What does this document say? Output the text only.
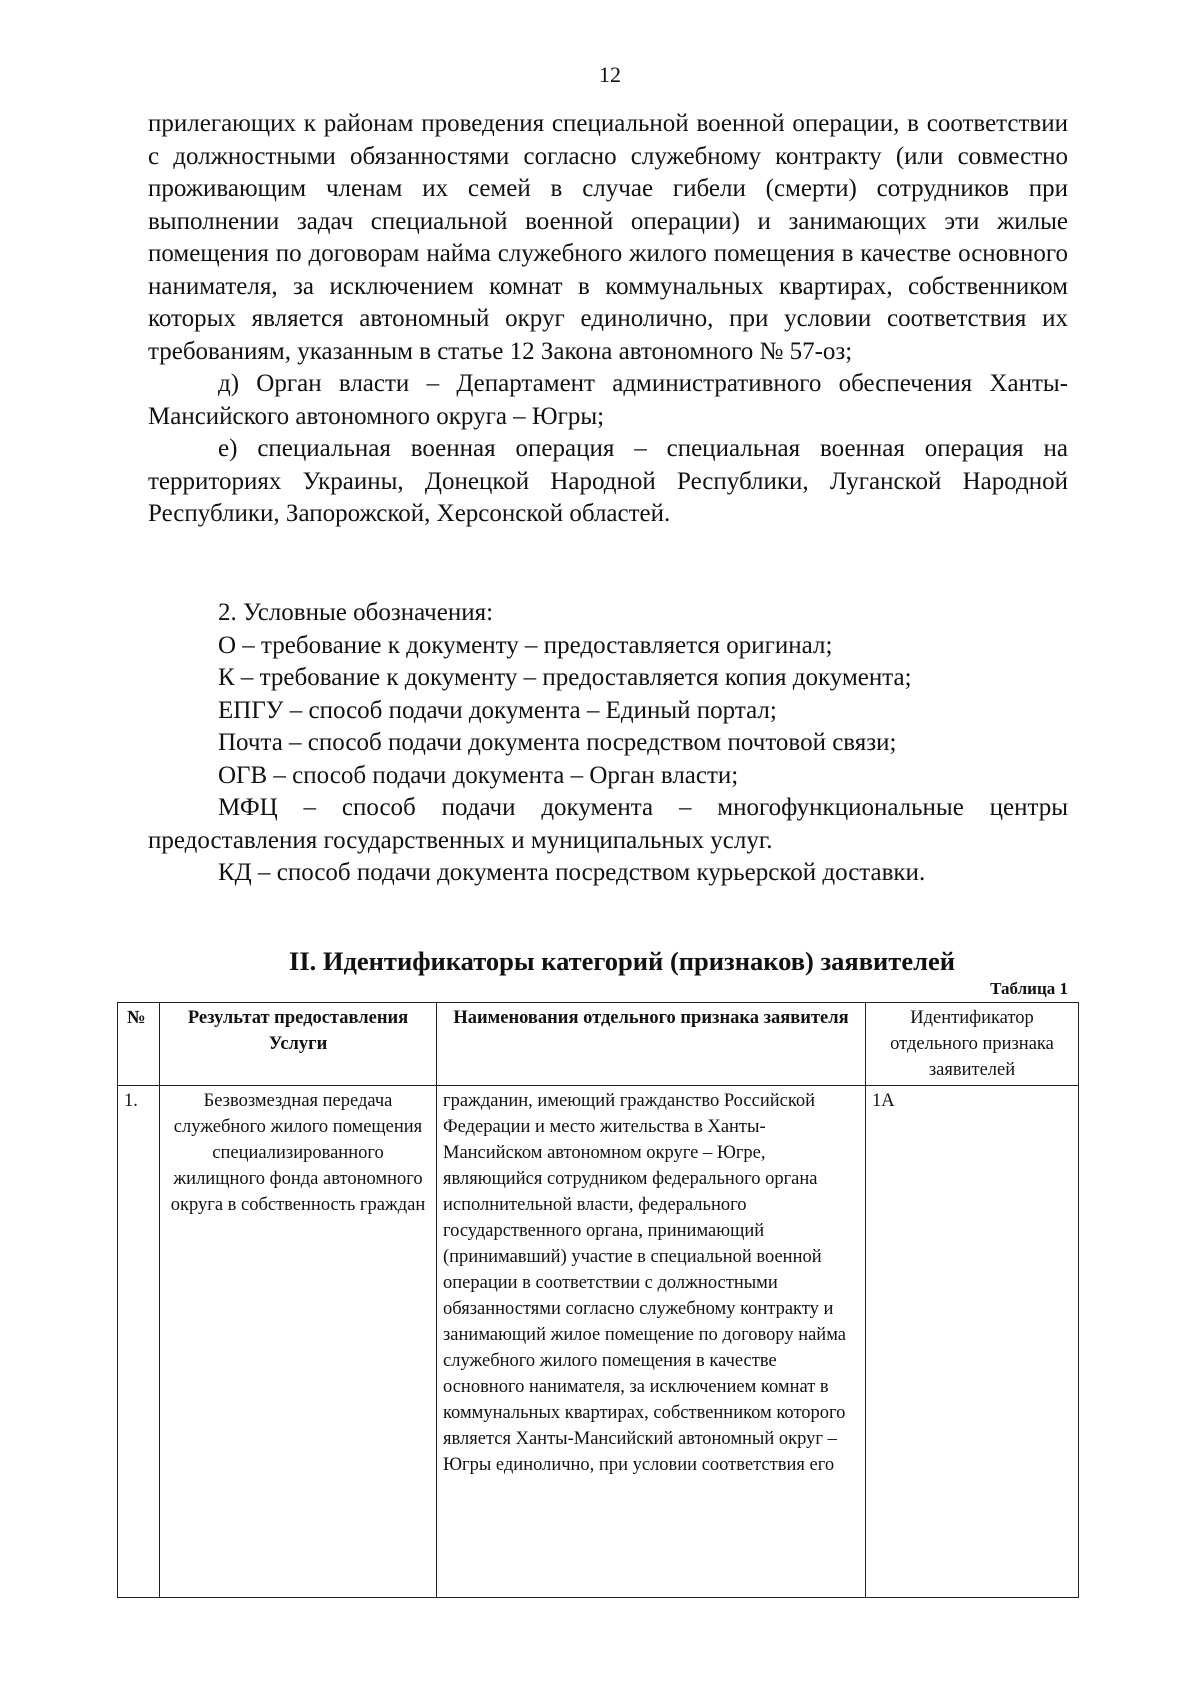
12

прилегающих к районам проведения специальной военной операции, в соответствии с должностными обязанностями согласно служебному контракту (или совместно проживающим членам их семей в случае гибели (смерти) сотрудников при выполнении задач специальной военной операции) и занимающих эти жилые помещения по договорам найма служебного жилого помещения в качестве основного нанимателя, за исключением комнат в коммунальных квартирах, собственником которых является автономный округ единолично, при условии соответствия их требованиям, указанным в статье 12 Закона автономного № 57-оз;

д) Орган власти – Департамент административного обеспечения Ханты-Мансийского автономного округа – Югры;

е) специальная военная операция – специальная военная операция на территориях Украины, Донецкой Народной Республики, Луганской Народной Республики, Запорожской, Херсонской областей.

2. Условные обозначения:

О – требование к документу – предоставляется оригинал;

К – требование к документу – предоставляется копия документа;

ЕПГУ – способ подачи документа – Единый портал;

Почта – способ подачи документа посредством почтовой связи;

ОГВ – способ подачи документа – Орган власти;

МФЦ – способ подачи документа – многофункциональные центры предоставления государственных и муниципальных услуг.

КД – способ подачи документа посредством курьерской доставки.

II. Идентификаторы категорий (признаков) заявителей
Таблица 1
№	Результат предоставления Услуги	Наименования отдельного признака заявителя	Идентификатор отдельного признака заявителей
1.	Безвозмездная передача служебного жилого помещения специализированного жилищного фонда автономного округа в собственность граждан	гражданин, имеющий гражданство Российской Федерации и место жительства в Ханты-Мансийском автономном округе – Югре, являющийся сотрудником федерального органа исполнительной власти, федерального государственного органа, принимающий (принимавший) участие в специальной военной операции в соответствии с должностными обязанностями согласно служебному контракту и занимающий жилое помещение по договору найма служебного жилого помещения в качестве основного нанимателя, за исключением комнат в коммунальных квартирах, собственником которого является Ханты-Мансийский автономный округ – Югры единолично, при условии соответствия его	1А
